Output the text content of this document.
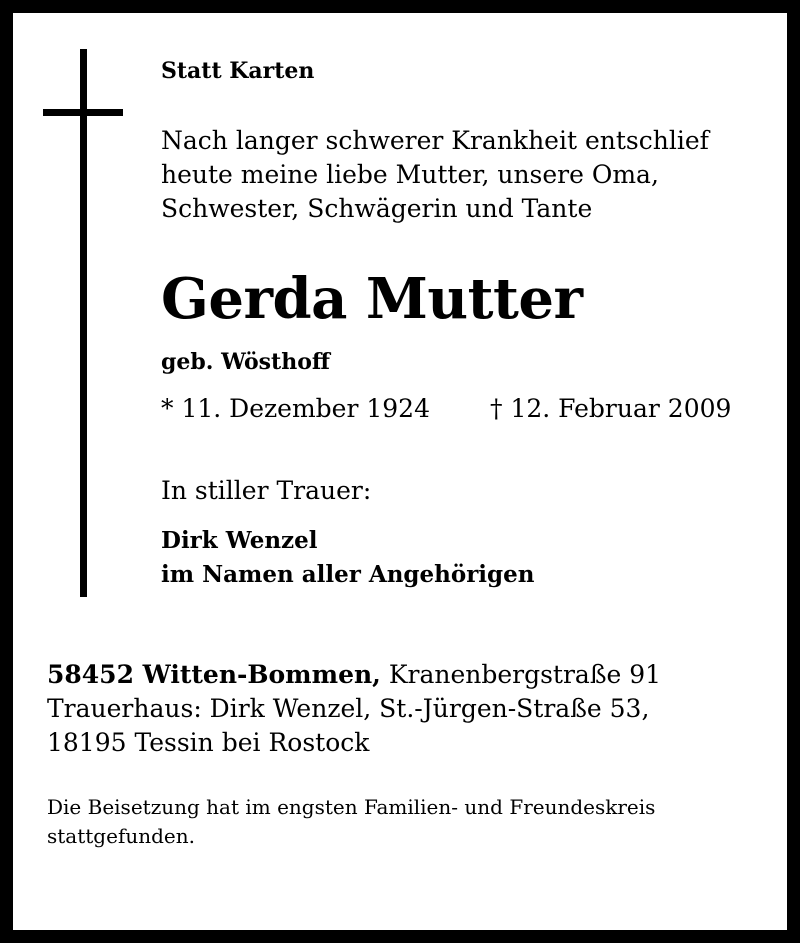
Statt Karten

Nach langer schwerer Krankheit entschlief
heute meine liebe Mutter, unsere Oma,
Schwester, Schwägerin und Tante
Gerda Mutter

geb. Wösthoff

* 11. Dezember 1924 † 12. Februar 2009

In stiller Trauer:

Dirk Wenzel
im Namen aller Angehörigen
58452 Witten-Bommen, Kranenbergstraße 91
Trauerhaus: Dirk Wenzel, St.-Jürgen-Straße 53,
18195 Tessin bei Rostock
Die Beisetzung hat im engsten Familien- und Freundeskreis
stattgefunden.
